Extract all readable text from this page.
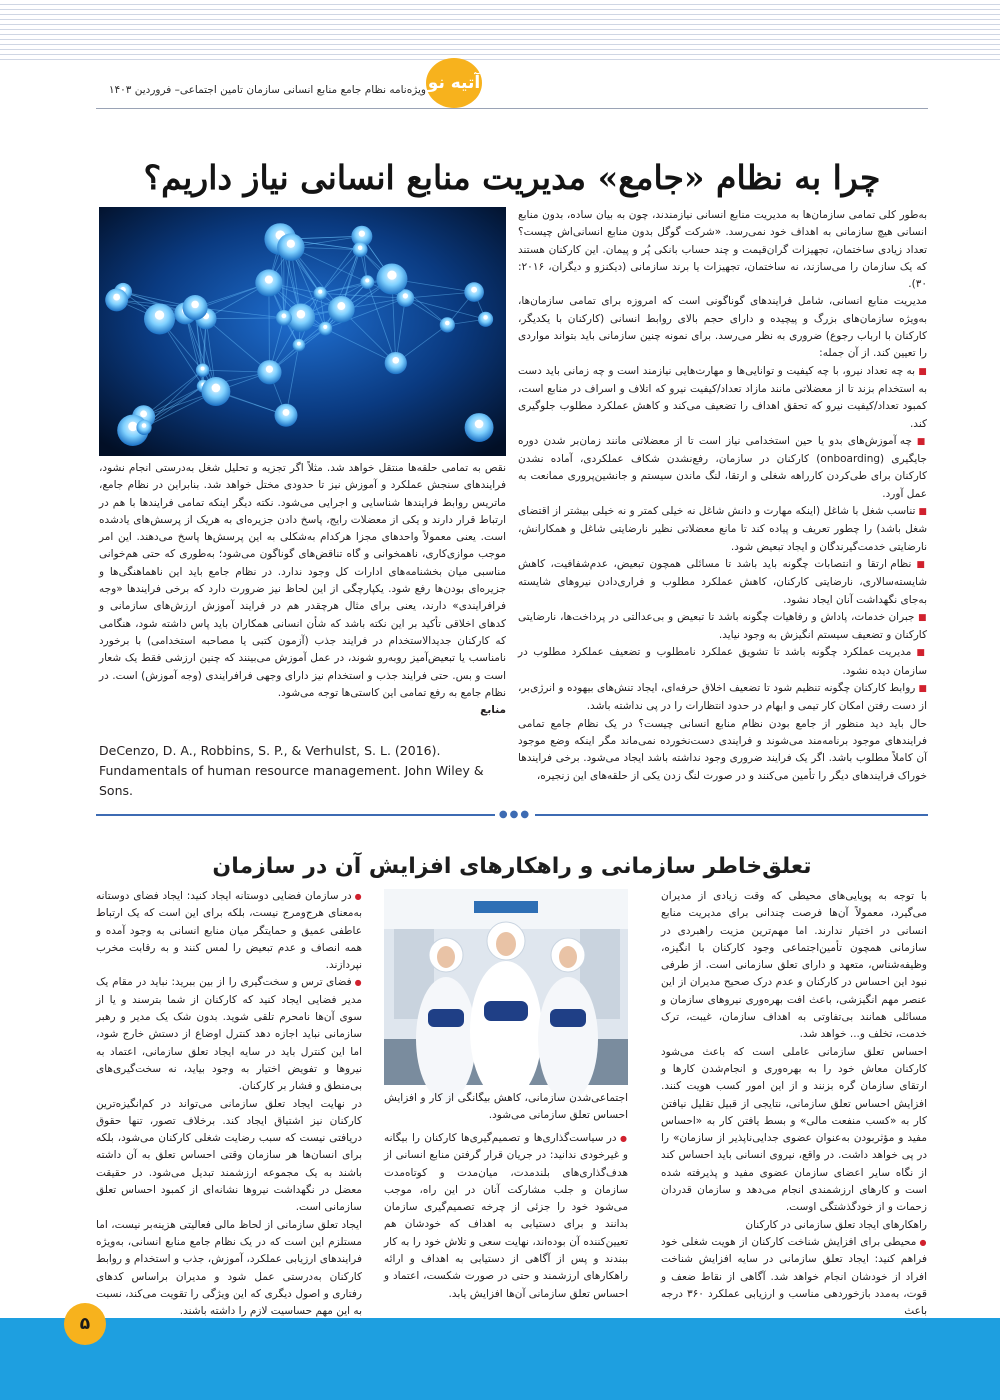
آتیه نو
ویژه‌نامه نظام جامع منابع انسانی سازمان تامین اجتماعی– فروردین ۱۴۰۳
چرا به نظام «جامع» مدیریت منابع انسانی نیاز داریم؟

به‌طور کلی تمامی سازمان‌ها به مدیریت منابع انسانی نیازمندند، چون به بیان ساده، بدون منابع انسانی هیچ سازمانی به اهداف خود نمی‌رسد. «شرکت گوگل بدون منابع انسانی‌اش چیست؟ تعداد زیادی ساختمان، تجهیزات گران‌قیمت و چند حساب بانکی پُر و پیمان. این کارکنان هستند که یک سازمان را می‌سازند، نه ساختمان، تجهیزات یا برند سازمانی (دیکنزو و دیگران، ۲۰۱۶: ۳۰).

مدیریت منابع انسانی، شامل فرایندهای گوناگونی است که امروزه برای تمامی سازمان‌ها، به‌ویژه سازمان‌های بزرگ و پیچیده و دارای حجم بالای روابط انسانی (کارکنان با یکدیگر، کارکنان با ارباب رجوع) ضروری به نظر می‌رسد. برای نمونه چنین سازمانی باید بتواند مواردی را تعیین کند. از آن جمله:

■ به چه تعداد نیرو، با چه کیفیت و توانایی‌ها و مهارت‌هایی نیازمند است و چه زمانی باید دست به استخدام بزند تا از معضلاتی مانند مازاد تعداد/کیفیت نیرو که اتلاف و اسراف در منابع است، کمبود تعداد/کیفیت نیرو که تحقق اهداف را تضعیف می‌کند و کاهش عملکرد مطلوب جلوگیری کند.

■ چه آموزش‌های بدو یا حین استخدامی نیاز است تا از معضلاتی مانند زمان‌بر شدن دوره جایگیری (onboarding) کارکنان در سازمان، رفع‌نشدن شکاف عملکردی، آماده نشدن کارکنان برای طی‌کردن کارراهه شغلی و ارتقا، لنگ ماندن سیستم و جانشین‌پروری ممانعت به عمل آورد.

■ تناسب شغل با شاغل (اینکه مهارت و دانش شاغل نه خیلی کمتر و نه خیلی بیشتر از اقتضای شغل باشد) را چطور تعریف و پیاده کند تا مانع معضلاتی نظیر نارضایتی شاغل و همکارانش، نارضایتی خدمت‌گیرندگان و ایجاد تبعیض شود.

■ نظام ارتقا و انتصابات چگونه باید باشد تا مسائلی همچون تبعیض، عدم‌شفافیت، کاهش شایسته‌سالاری، نارضایتی کارکنان، کاهش عملکرد مطلوب و فراری‌دادن نیروهای شایسته به‌جای نگهداشت آنان ایجاد نشود.

■ جبران خدمات، پاداش و رفاهیات چگونه باشد تا تبعیض و بی‌عدالتی در پرداخت‌ها، نارضایتی کارکنان و تضعیف سیستم انگیزش به وجود نیاید.

■ مدیریت عملکرد چگونه باشد تا تشویق عملکرد نامطلوب و تضعیف عملکرد مطلوب در سازمان دیده نشود.

■ روابط کارکنان چگونه تنظیم شود تا تضعیف اخلاق حرفه‌ای، ایجاد تنش‌های بیهوده و انرژی‌بر، از دست رفتن امکان کار تیمی و ابهام در حدود انتظارات را در پی نداشته باشد.

حال باید دید منظور از جامع بودن نظام منابع انسانی چیست؟ در یک نظام جامع تمامی فرایندهای موجود برنامه‌مند می‌شوند و فرایندی دست‌نخورده نمی‌ماند مگر اینکه وضع موجود آن کاملاً مطلوب باشد. اگر یک فرایند ضروری وجود نداشته باشد ایجاد می‌شود. برخی فرایندها خوراک فرایندهای دیگر را تأمین می‌کنند و در صورت لنگ زدن یکی از حلقه‌های این زنجیره،

نقص به تمامی حلقه‌ها منتقل خواهد شد. مثلاً اگر تجزیه و تحلیل شغل به‌درستی انجام نشود، فرایندهای سنجش عملکرد و آموزش نیز تا حدودی مختل خواهد شد. بنابراین در نظام جامع، ماتریس روابط فرایندها شناسایی و اجرایی می‌شود. نکته دیگر اینکه تمامی فرایندها با هم در ارتباط قرار دارند و یکی از معضلات رایج، پاسخ دادن جزیره‌ای به هریک از پرسش‌های یادشده است. یعنی معمولاً واحدهای مجزا هرکدام به‌شکلی به این پرسش‌ها پاسخ می‌دهند. این امر موجب موازی‌کاری، ناهمخوانی و گاه تناقض‌های گوناگون می‌شود؛ به‌طوری که حتی هم‌خوانی مناسبی میان بخشنامه‌های ادارات کل وجود ندارد. در نظام جامع باید این ناهماهنگی‌ها و جزیره‌ای بودن‌ها رفع شود. یکپارچگی از این لحاظ نیز ضرورت دارد که برخی فرایندها «وجه فرافرایندی» دارند، یعنی برای مثال هرچقدر هم در فرایند آموزش ارزش‌های سازمانی و کدهای اخلاقی تأکید بر این نکته باشد که شأن انسانی همکاران باید پاس داشته شود، هنگامی که کارکنان جدیدالاستخدام در فرایند جذب (آزمون کتبی یا مصاحبه استخدامی) با برخورد نامناسب یا تبعیض‌آمیز روبه‌رو شوند، در عمل آموزش می‌بینند که چنین ارزشی فقط یک شعار است و بس. حتی فرایند جذب و استخدام نیز دارای وجهی فرافرایندی (وجه آموزش) است. در نظام جامع به رفع تمامی این کاستی‌ها توجه می‌شود.

منابع

DeCenzo, D. A., Robbins, S. P., & Verhulst, S. L. (2016). Fundamentals of human resource management. John Wiley & Sons.
●●●
تعلق‌خاطر سازمانی و راهکارهای افزایش آن در سازمان

با توجه به پویایی‌های محیطی که وقت زیادی از مدیران می‌گیرد، معمولاً آن‌ها فرصت چندانی برای مدیریت منابع انسانی در اختیار ندارند. اما مهم‌ترین مزیت راهبردی در سازمانی همچون تأمین‌اجتماعی وجود کارکنان با انگیزه، وظیفه‌شناس، متعهد و دارای تعلق سازمانی است. از طرفی نبود این احساس در کارکنان و عدم درک صحیح مدیران از این عنصر مهم انگیزشی، باعث افت بهره‌وری نیروهای سازمان و مسائلی همانند بی‌تفاوتی به اهداف سازمان، غیبت، ترک خدمت، تخلف و... خواهد شد.

احساس تعلق سازمانی عاملی است که باعث می‌شود کارکنان معاش خود را به بهره‌وری و انجام‌شدن کارها و ارتقای سازمان گره بزنند و از این امور کسب هویت کنند. افزایش احساس تعلق سازمانی، نتایجی از قبیل تقلیل نیافتن کار به «کسب منفعت مالی» و بسط یافتن کار به «احساس مفید و مؤثربودن به‌عنوان عضوی جدایی‌ناپذیر از سازمان» را در پی خواهد داشت. در واقع، نیروی انسانی باید احساس کند از نگاه سایر اعضای سازمان عضوی مفید و پذیرفته شده است و کارهای ارزشمندی انجام می‌دهد و سازمان قدردان زحمات و از خودگذشتگی اوست.

راهکارهای ایجاد تعلق سازمانی در کارکنان

● محیطی برای افزایش شناخت کارکنان از هویت شغلی خود فراهم کنید: ایجاد تعلق سازمانی در سایه افزایش شناخت افراد از خودشان انجام خواهد شد. آگاهی از نقاط ضعف و قوت، به‌مدد بازخوردهی مناسب و ارزیابی عملکرد ۳۶۰ درجه باعث

اجتماعی‌شدن سازمانی، کاهش بیگانگی از کار و افزایش احساس تعلق سازمانی می‌شود.

● در سیاست‌گذاری‌ها و تصمیم‌گیری‌ها کارکنان را بیگانه و غیرخودی ندانید: در جریان قرار گرفتن منابع انسانی از هدف‌گذاری‌های بلندمدت، میان‌مدت و کوتاه‌مدت سازمان و جلب مشارکت آنان در این راه، موجب می‌شود خود را جزئی از چرخه تصمیم‌گیری سازمان بدانند و برای دستیابی به اهداف که خودشان هم تعیین‌کننده آن بوده‌اند، نهایت سعی و تلاش خود را به کار ببندند و پس از آگاهی از دستیابی به اهداف و ارائه راهکارهای ارزشمند و حتی در صورت شکست، اعتماد و احساس تعلق سازمانی آن‌ها افزایش یابد.

● در سازمان فضایی دوستانه ایجاد کنید: ایجاد فضای دوستانه به‌معنای هرج‌ومرج نیست، بلکه برای این است که یک ارتباط عاطفی عمیق و حمایتگر میان منابع انسانی به وجود آمده و همه انصاف و عدم تبعیض را لمس کنند و به رقابت مخرب نپردازند.

● فضای ترس و سخت‌گیری را از بین ببرید: نباید در مقام یک مدیر فضایی ایجاد کنید که کارکنان از شما بترسند و یا از سوی آن‌ها نامحرم تلقی شوید. بدون شک یک مدیر و رهبر سازمانی نباید اجازه دهد کنترل اوضاع از دستش خارج شود، اما این کنترل باید در سایه ایجاد تعلق سازمانی، اعتماد به نیروها و تفویض اختیار به وجود بیاید، نه سخت‌گیری‌های بی‌منطق و فشار بر کارکنان.

در نهایت ایجاد تعلق سازمانی می‌تواند در کم‌انگیزه‌ترین کارکنان نیز اشتیاق ایجاد کند. برخلاف تصور، تنها حقوق دریافتی نیست که سبب رضایت شغلی کارکنان می‌شود، بلکه برای انسان‌ها هر سازمان وقتی احساس تعلق به آن داشته باشند به یک مجموعه ارزشمند تبدیل می‌شود. در حقیقت معضل در نگهداشت نیروها نشانه‌ای از کمبود احساس تعلق سازمانی است.

ایجاد تعلق سازمانی از لحاظ مالی فعالیتی هزینه‌بر نیست، اما مستلزم این است که در یک نظام جامع منابع انسانی، به‌ویژه فرایندهای ارزیابی عملکرد، آموزش، جذب و استخدام و روابط کارکنان به‌درستی عمل شود و مدیران براساس کدهای رفتاری و اصول دیگری که این ویژگی را تقویت می‌کند، نسبت به این مهم حساسیت لازم را داشته باشند.

۵
